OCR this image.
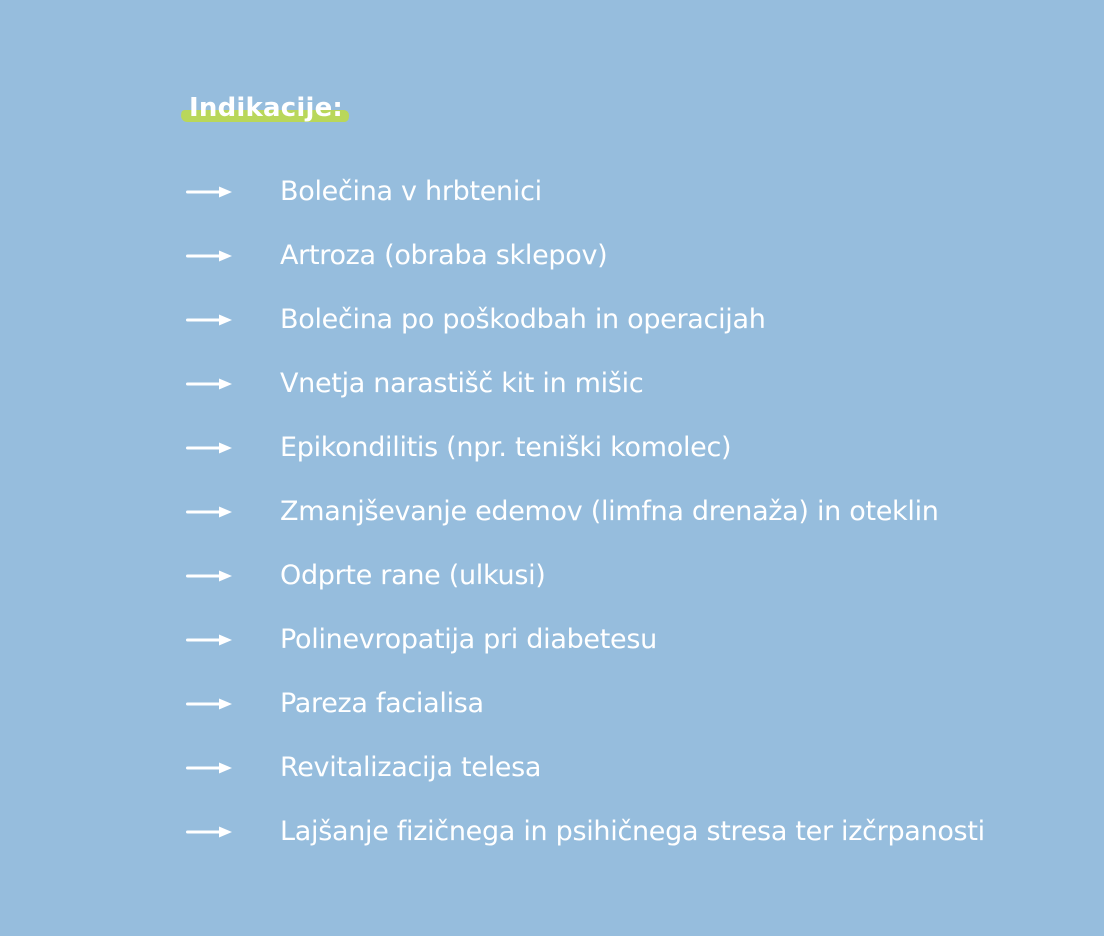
Indikacije:
Bolečina v hrbtenici
Artroza (obraba sklepov)
Bolečina po poškodbah in operacijah
Vnetja narastišč kit in mišic
Epikondilitis (npr. teniški komolec)
Zmanjševanje edemov (limfna drenaža) in oteklin
Odprte rane (ulkusi)
Polinevropatija pri diabetesu
Pareza facialisa
Revitalizacija telesa
Lajšanje fizičnega in psihičnega stresa ter izčrpanosti
